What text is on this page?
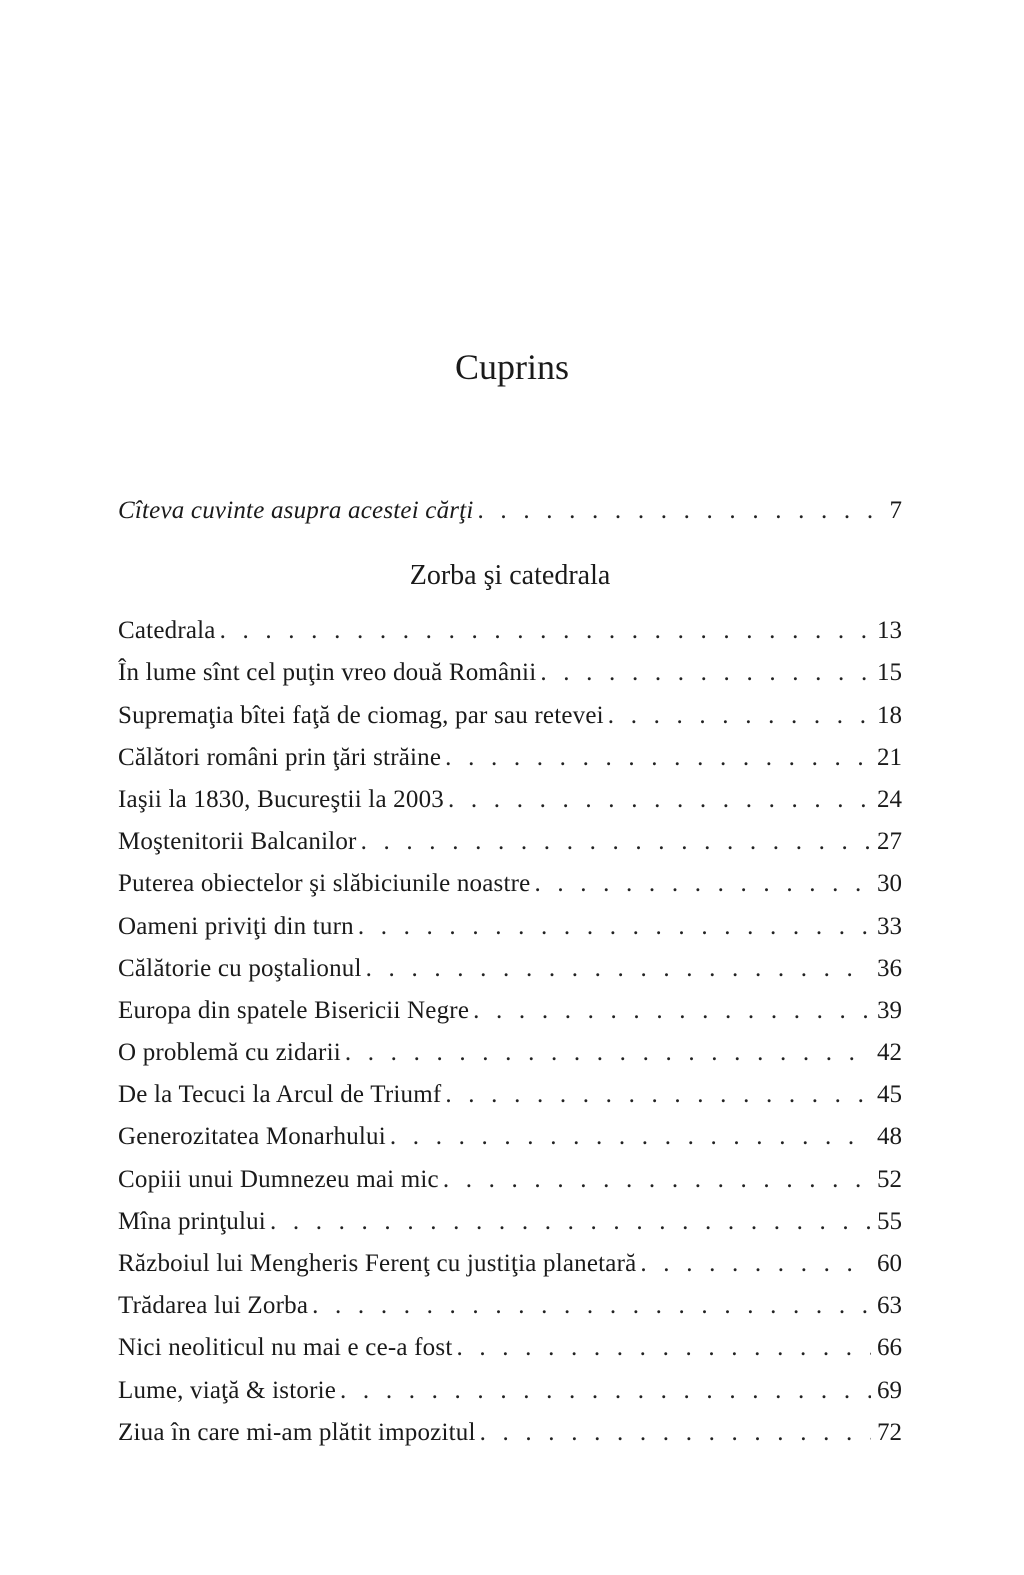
Cuprins
Cîteva cuvinte asupra acestei cărţi . . .	7
Zorba şi catedrala
Catedrala . . .	13
În lume sînt cel puţin vreo două Românii . . .	15
Supremaţia bîtei faţă de ciomag, par sau retevei . . .	18
Călători români prin ţări străine . . .	21
Iaşii la 1830, Bucureştii la 2003 . . .	24
Moştenitorii Balcanilor . . .	27
Puterea obiectelor şi slăbiciunile noastre . . .	30
Oameni priviţi din turn . . .	33
Călătorie cu poştalionul . . .	36
Europa din spatele Bisericii Negre . . .	39
O problemă cu zidarii . . .	42
De la Tecuci la Arcul de Triumf . . .	45
Generozitatea Monarhului . . .	48
Copiii unui Dumnezeu mai mic . . .	52
Mîna prinţului . . .	55
Războiul lui Mengheris Ferenţ cu justiţia planetară . . .	60
Trădarea lui Zorba . . .	63
Nici neoliticul nu mai e ce-a fost . . .	66
Lume, viaţă & istorie . . .	69
Ziua în care mi-am plătit impozitul . . .	72
